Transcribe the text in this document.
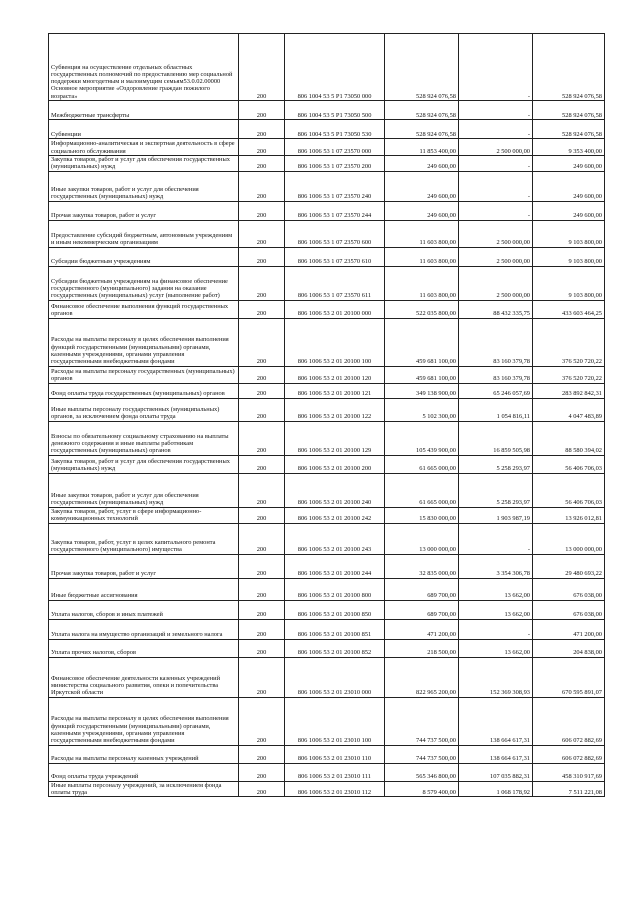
Субвенция на осуществление отдельных областных государственных полномочий по предоставлению мер социальной поддержки многодетным и малоимущим семьям53.0.02.00000 Основное мероприятие «Оздоровление граждан пожилого возраста»	200	806 1004 53 5 P1 73050 000	528 924 076,58	-	528 924 076,58
Межбюджетные трансферты	200	806 1004 53 5 P1 73050 500	528 924 076,58	-	528 924 076,58
Субвенции	200	806 1004 53 5 P1 73050 530	528 924 076,58	-	528 924 076,58
Информационно-аналитическая и экспертная деятельность в сфере социального обслуживания	200	806 1006 53 1 07 23570 000	11 853 400,00	2 500 000,00	9 353 400,00
Закупка товаров, работ и услуг для обеспечения государственных (муниципальных) нужд	200	806 1006 53 1 07 23570 200	249 600,00	-	249 600,00
Иные закупки товаров, работ и услуг для обеспечения государственных (муниципальных) нужд	200	806 1006 53 1 07 23570 240	249 600,00	-	249 600,00
Прочая закупка товаров, работ и услуг	200	806 1006 53 1 07 23570 244	249 600,00	-	249 600,00
Предоставление субсидий бюджетным, автономным учреждениям и иным некоммерческим организациям	200	806 1006 53 1 07 23570 600	11 603 800,00	2 500 000,00	9 103 800,00
Субсидии бюджетным учреждениям	200	806 1006 53 1 07 23570 610	11 603 800,00	2 500 000,00	9 103 800,00
Субсидии бюджетным учреждениям на финансовое обеспечение государственного (муниципального) задания на оказание государственных (муниципальных) услуг (выполнение работ)	200	806 1006 53 1 07 23570 611	11 603 800,00	2 500 000,00	9 103 800,00
Финансовое обеспечение выполнения функций государственных органов	200	806 1006 53 2 01 20100 000	522 035 800,00	88 432 335,75	433 603 464,25
Расходы на выплаты персоналу в целях обеспечения выполнения функций государственными (муниципальными) органами, казенными учреждениями, органами управления государственными внебюджетными фондами	200	806 1006 53 2 01 20100 100	459 681 100,00	83 160 379,78	376 520 720,22
Расходы на выплаты персоналу государственных (муниципальных) органов	200	806 1006 53 2 01 20100 120	459 681 100,00	83 160 379,78	376 520 720,22
Фонд оплаты труда государственных (муниципальных) органов	200	806 1006 53 2 01 20100 121	349 138 900,00	65 246 057,69	283 892 842,31
Иные выплаты персоналу государственных (муниципальных) органов, за исключением фонда оплаты труда	200	806 1006 53 2 01 20100 122	5 102 300,00	1 054 816,11	4 047 483,89
Взносы по обязательному социальному страхованию на выплаты денежного содержания и иные выплаты работникам государственных (муниципальных) органов	200	806 1006 53 2 01 20100 129	105 439 900,00	16 859 505,98	88 580 394,02
Закупка товаров, работ и услуг для обеспечения государственных (муниципальных) нужд	200	806 1006 53 2 01 20100 200	61 665 000,00	5 258 293,97	56 406 706,03
Иные закупки товаров, работ и услуг для обеспечения государственных (муниципальных) нужд	200	806 1006 53 2 01 20100 240	61 665 000,00	5 258 293,97	56 406 706,03
Закупка товаров, работ, услуг в сфере информационно-коммуникационных технологий	200	806 1006 53 2 01 20100 242	15 830 000,00	1 903 987,19	13 926 012,81
Закупка товаров, работ, услуг в целях капитального ремонта государственного (муниципального) имущества	200	806 1006 53 2 01 20100 243	13 000 000,00	-	13 000 000,00
Прочая закупка товаров, работ и услуг	200	806 1006 53 2 01 20100 244	32 835 000,00	3 354 306,78	29 480 693,22
Иные бюджетные ассигнования	200	806 1006 53 2 01 20100 800	689 700,00	13 662,00	676 038,00
Уплата налогов, сборов и иных платежей	200	806 1006 53 2 01 20100 850	689 700,00	13 662,00	676 038,00
Уплата налога на имущество организаций и земельного налога	200	806 1006 53 2 01 20100 851	471 200,00	-	471 200,00
Уплата прочих налогов, сборов	200	806 1006 53 2 01 20100 852	218 500,00	13 662,00	204 838,00
Финансовое обеспечение деятельности казенных учреждений министерства социального развития, опеки и попечительства Иркутской области	200	806 1006 53 2 01 23010 000	822 965 200,00	152 369 308,93	670 595 891,07
Расходы на выплаты персоналу в целях обеспечения выполнения функций государственными (муниципальными) органами, казенными учреждениями, органами управления государственными внебюджетными фондами	200	806 1006 53 2 01 23010 100	744 737 500,00	138 664 617,31	606 072 882,69
Расходы на выплаты персоналу казенных учреждений	200	806 1006 53 2 01 23010 110	744 737 500,00	138 664 617,31	606 072 882,69
Фонд оплаты труда учреждений	200	806 1006 53 2 01 23010 111	565 346 800,00	107 035 882,31	458 310 917,69
Иные выплаты персоналу учреждений, за исключением фонда оплаты труда	200	806 1006 53 2 01 23010 112	8 579 400,00	1 068 178,92	7 511 221,08
